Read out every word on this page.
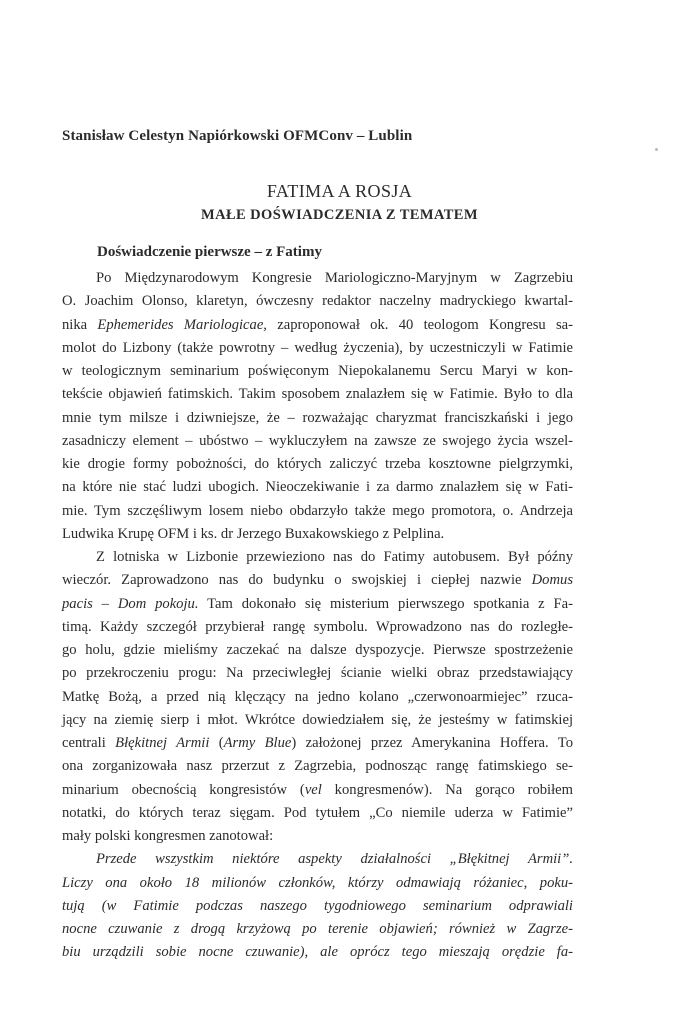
Stanisław Celestyn Napiórkowski OFMConv – Lublin
FATIMA A ROSJA
MAŁE DOŚWIADCZENIA Z TEMATEM
Doświadczenie pierwsze – z Fatimy
Po Międzynarodowym Kongresie Mariologiczno-Maryjnym w Zagrzebiu
O. Joachim Olonso, klaretyn, ówczesny redaktor naczelny madryckiego kwartal-
nika Ephemerides Mariologicae, zaproponował ok. 40 teologom Kongresu sa-
molot do Lizbony (także powrotny – według życzenia), by uczestniczyli w Fatimie
w teologicznym seminarium poświęconym Niepokalanemu Sercu Maryi w kon-
tekście objawień fatimskich. Takim sposobem znalazłem się w Fatimie. Było to dla
mnie tym milsze i dziwniejsze, że – rozważając charyzmat franciszkański i jego
zasadniczy element – ubóstwo – wykluczyłem na zawsze ze swojego życia wszel-
kie drogie formy pobożności, do których zaliczyć trzeba kosztowne pielgrzymki,
na które nie stać ludzi ubogich. Nieoczekiwanie i za darmo znalazłem się w Fati-
mie. Tym szczęśliwym losem niebo obdarzyło także mego promotora, o. Andrzeja
Ludwika Krupę OFM i ks. dr Jerzego Buxakowskiego z Pelplina.
Z lotniska w Lizbonie przewieziono nas do Fatimy autobusem. Był późny
wieczór. Zaprowadzono nas do budynku o swojskiej i ciepłej nazwie Domus
pacis – Dom pokoju. Tam dokonało się misterium pierwszego spotkania z Fa-
timą. Każdy szczegół przybierał rangę symbolu. Wprowadzono nas do rozległe-
go holu, gdzie mieliśmy zaczekać na dalsze dyspozycje. Pierwsze spostrzeżenie
po przekroczeniu progu: Na przeciwległej ścianie wielki obraz przedstawiający
Matkę Bożą, a przed nią klęczący na jedno kolano „czerwonoarmiejec” rzuca-
jący na ziemię sierp i młot. Wkrótce dowiedziałem się, że jesteśmy w fatimskiej
centrali Błękitnej Armii (Army Blue) założonej przez Amerykanina Hoffera. To
ona zorganizowała nasz przerzut z Zagrzebia, podnosząc rangę fatimskiego se-
minarium obecnością kongresistów (vel kongresmenów). Na gorąco robiłem
notatki, do których teraz sięgam. Pod tytułem „Co niemile uderza w Fatimie”
mały polski kongresmen zanotował:
Przede wszystkim niektóre aspekty działalności „Błękitnej Armii”.
Liczy ona około 18 milionów członków, którzy odmawiają różaniec, poku-
tują (w Fatimie podczas naszego tygodniowego seminarium odprawiali
nocne czuwanie z drogą krzyżową po terenie objawień; również w Zagrze-
biu urządzili sobie nocne czuwanie), ale oprócz tego mieszają orędzie fa-
